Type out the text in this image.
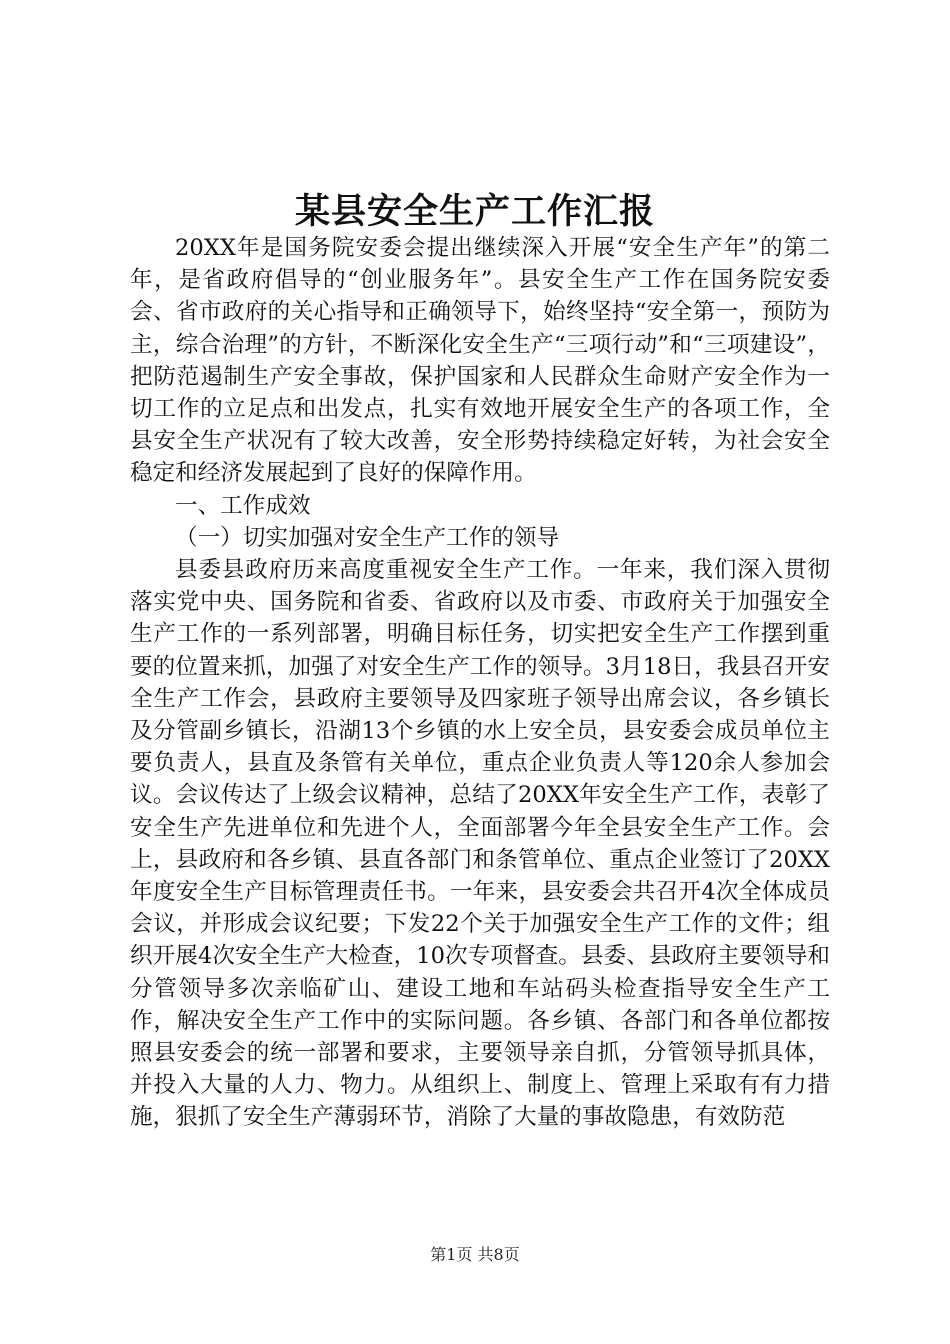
某县安全生产工作汇报

20XX年是国务院安委会提出继续深入开展“安全生产年”的第二年，是省政府倡导的“创业服务年”。县安全生产工作在国务院安委会、省市政府的关心指导和正确领导下，始终坚持“安全第一，预防为主，综合治理”的方针，不断深化安全生产“三项行动”和“三项建设”，把防范遏制生产安全事故，保护国家和人民群众生命财产安全作为一切工作的立足点和出发点，扎实有效地开展安全生产的各项工作，全县安全生产状况有了较大改善，安全形势持续稳定好转，为社会安全稳定和经济发展起到了良好的保障作用。

一、工作成效

（一）切实加强对安全生产工作的领导

县委县政府历来高度重视安全生产工作。一年来，我们深入贯彻落实党中央、国务院和省委、省政府以及市委、市政府关于加强安全生产工作的一系列部署，明确目标任务，切实把安全生产工作摆到重要的位置来抓，加强了对安全生产工作的领导。3月18日，我县召开安全生产工作会，县政府主要领导及四家班子领导出席会议，各乡镇长及分管副乡镇长，沿湖13个乡镇的水上安全员，县安委会成员单位主要负责人，县直及条管有关单位，重点企业负责人等120余人参加会议。会议传达了上级会议精神，总结了20XX年安全生产工作，表彰了安全生产先进单位和先进个人，全面部署今年全县安全生产工作。会上，县政府和各乡镇、县直各部门和条管单位、重点企业签订了20XX年度安全生产目标管理责任书。一年来，县安委会共召开4次全体成员会议，并形成会议纪要；下发22个关于加强安全生产工作的文件；组织开展4次安全生产大检查，10次专项督查。县委、县政府主要领导和分管领导多次亲临矿山、建设工地和车站码头检查指导安全生产工作，解决安全生产工作中的实际问题。各乡镇、各部门和各单位都按照县安委会的统一部署和要求，主要领导亲自抓，分管领导抓具体，并投入大量的人力、物力。从组织上、制度上、管理上采取有有力措施，狠抓了安全生产薄弱环节，消除了大量的事故隐患，有效防范

第1页 共8页
